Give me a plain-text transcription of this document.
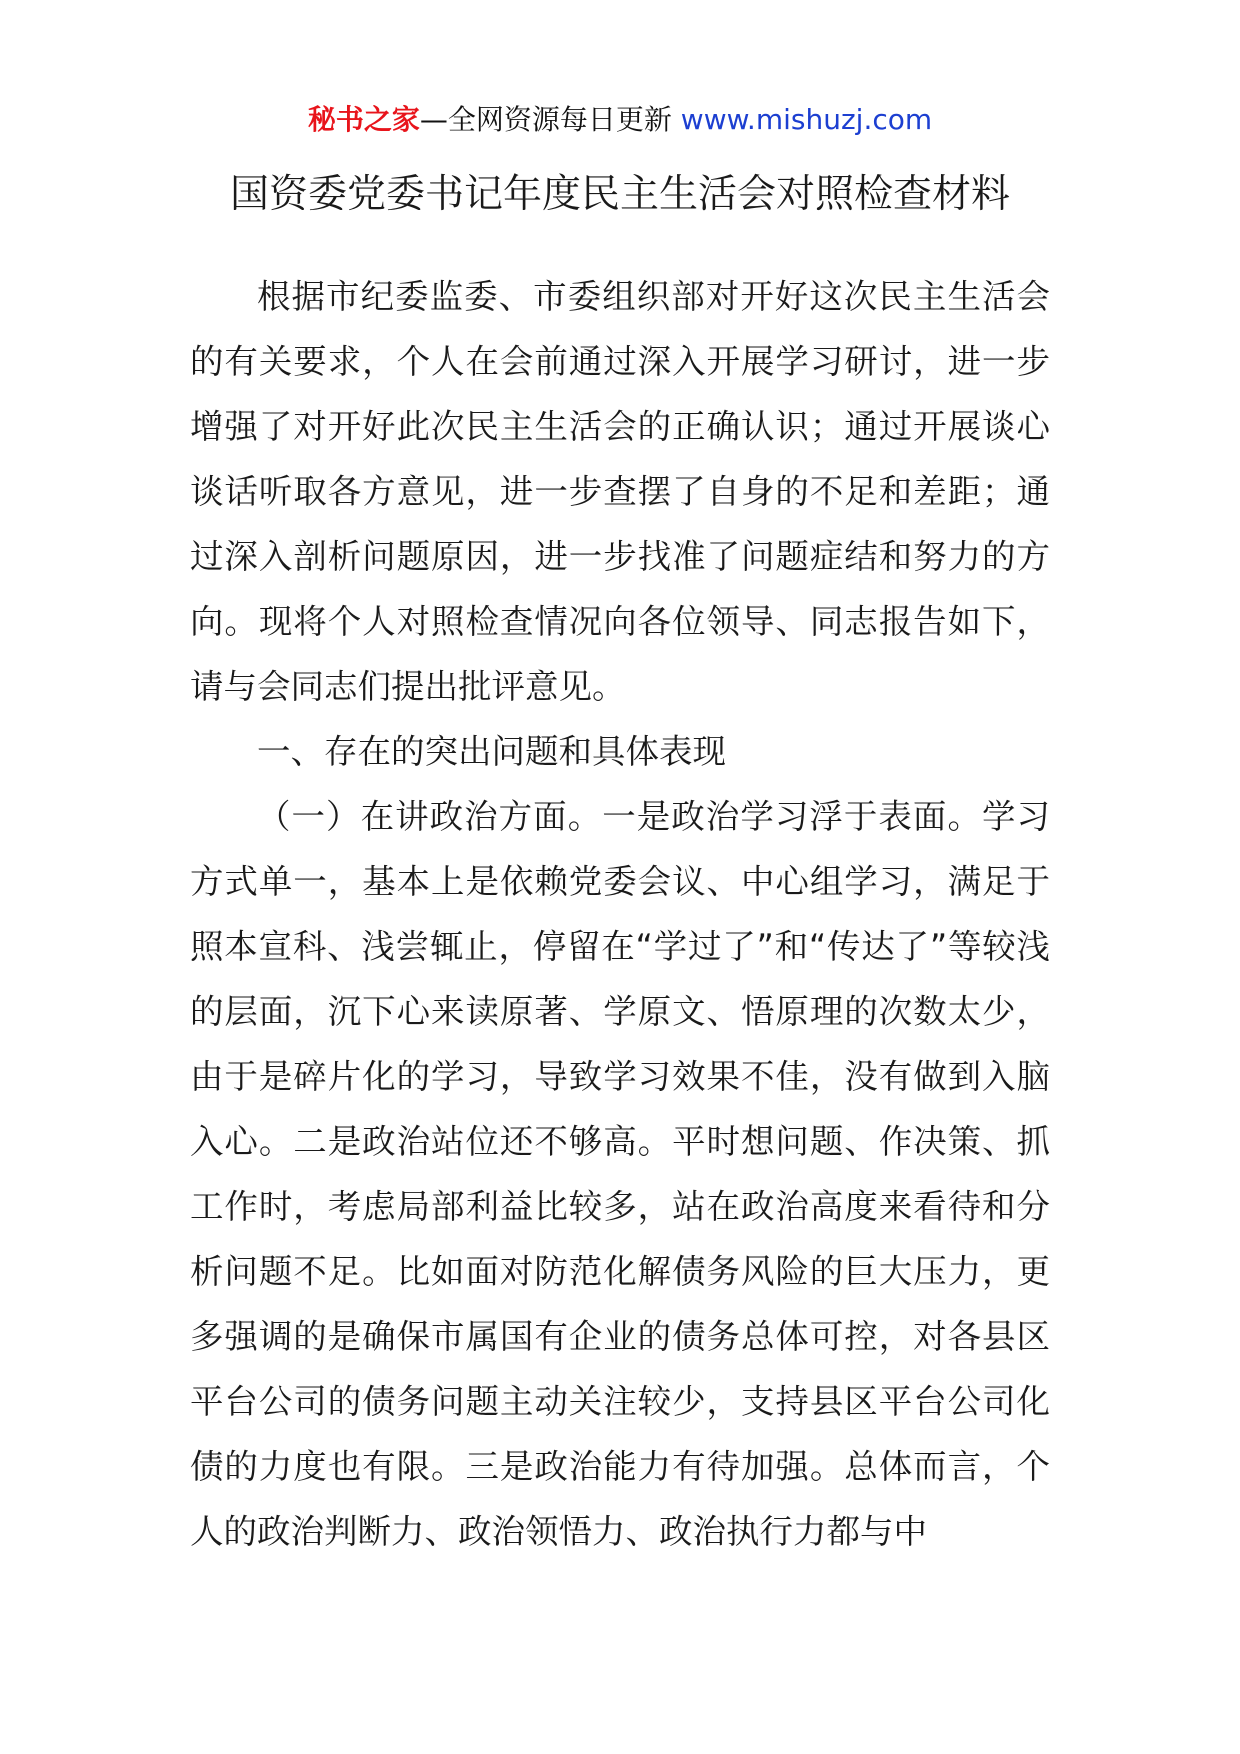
秘书之家—全网资源每日更新 www.mishuzj.com
国资委党委书记年度民主生活会对照检查材料

根据市纪委监委、市委组织部对开好这次民主生活会的有关要求，个人在会前通过深入开展学习研讨，进一步增强了对开好此次民主生活会的正确认识；通过开展谈心谈话听取各方意见，进一步查摆了自身的不足和差距；通过深入剖析问题原因，进一步找准了问题症结和努力的方向。现将个人对照检查情况向各位领导、同志报告如下，请与会同志们提出批评意见。

一、存在的突出问题和具体表现

（一）在讲政治方面。一是政治学习浮于表面。学习方式单一，基本上是依赖党委会议、中心组学习，满足于照本宣科、浅尝辄止，停留在“学过了”和“传达了”等较浅的层面，沉下心来读原著、学原文、悟原理的次数太少，由于是碎片化的学习，导致学习效果不佳，没有做到入脑入心。二是政治站位还不够高。平时想问题、作决策、抓工作时，考虑局部利益比较多，站在政治高度来看待和分析问题不足。比如面对防范化解债务风险的巨大压力，更多强调的是确保市属国有企业的债务总体可控，对各县区平台公司的债务问题主动关注较少，支持县区平台公司化债的力度也有限。三是政治能力有待加强。总体而言，个人的政治判断力、政治领悟力、政治执行力都与中
